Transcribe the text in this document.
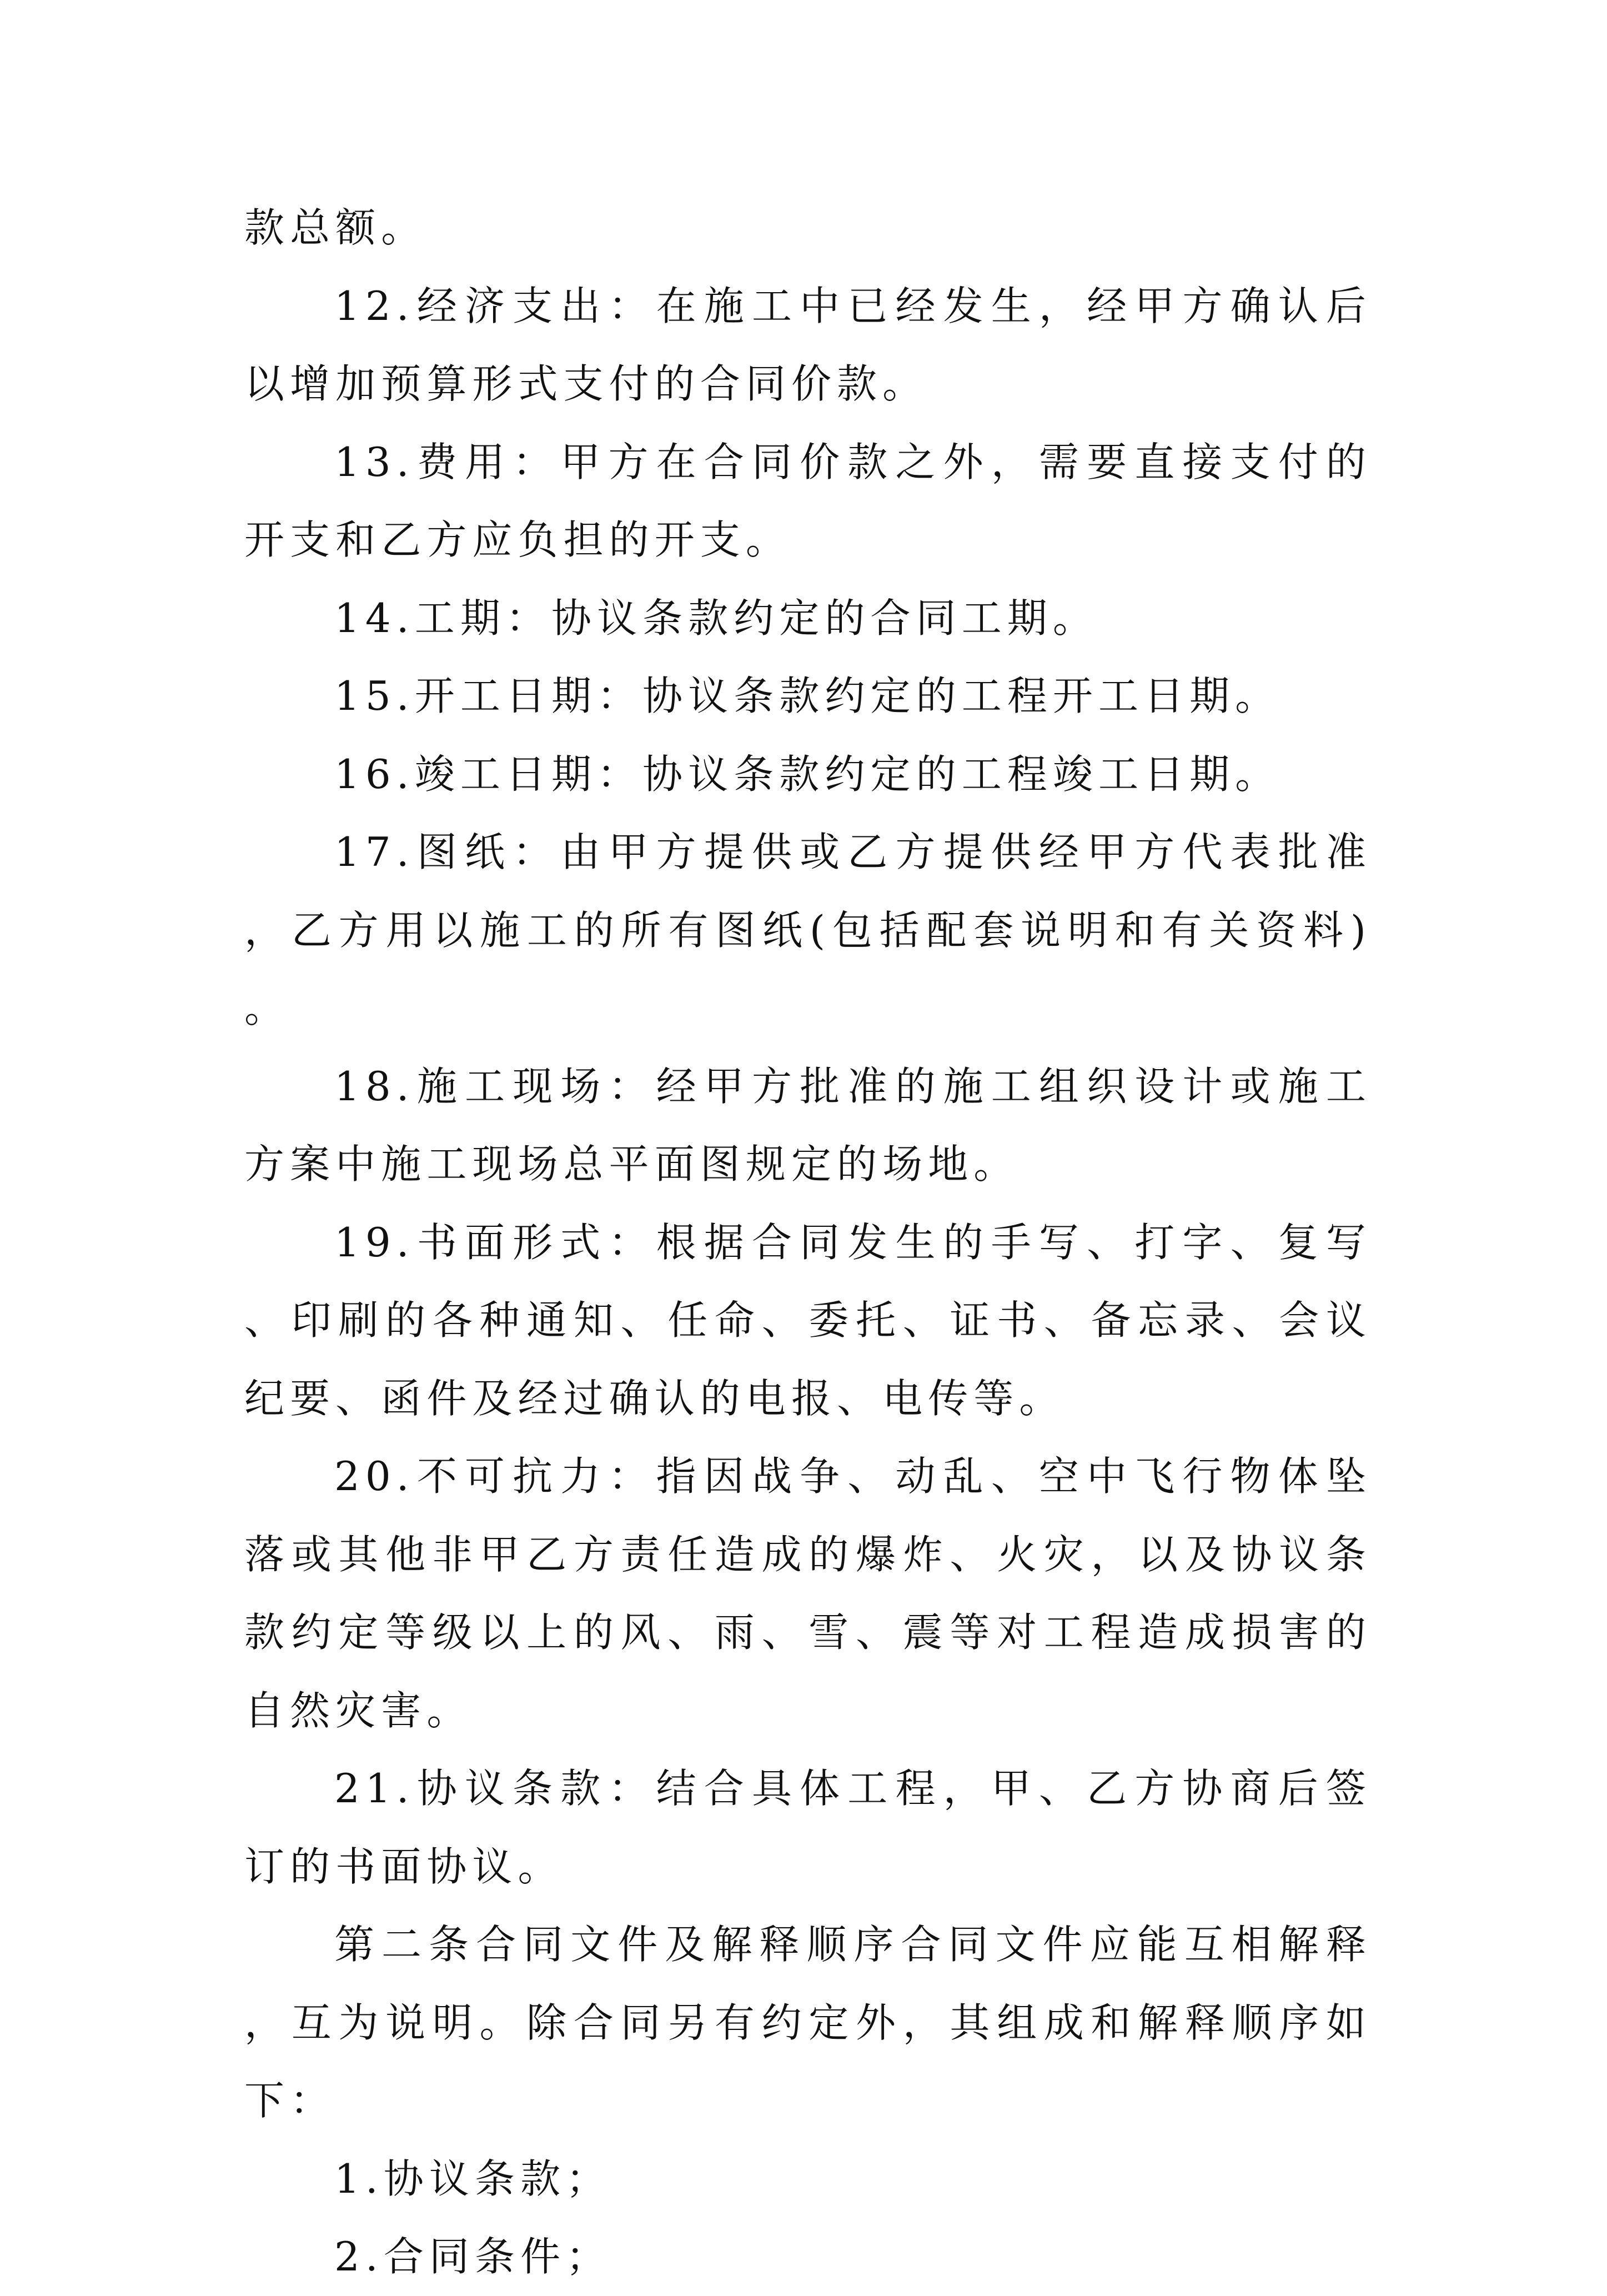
款总额。

12.经济支出：在施工中已经发生，经甲方确认后以增加预算形式支付的合同价款。

13.费用：甲方在合同价款之外，需要直接支付的开支和乙方应负担的开支。

14.工期：协议条款约定的合同工期。

15.开工日期：协议条款约定的工程开工日期。

16.竣工日期：协议条款约定的工程竣工日期。

17.图纸：由甲方提供或乙方提供经甲方代表批准，乙方用以施工的所有图纸(包括配套说明和有关资料)。

18.施工现场：经甲方批准的施工组织设计或施工方案中施工现场总平面图规定的场地。

19.书面形式：根据合同发生的手写、打字、复写、印刷的各种通知、任命、委托、证书、备忘录、会议纪要、函件及经过确认的电报、电传等。

20.不可抗力：指因战争、动乱、空中飞行物体坠落或其他非甲乙方责任造成的爆炸、火灾，以及协议条款约定等级以上的风、雨、雪、震等对工程造成损害的自然灾害。

21.协议条款：结合具体工程，甲、乙方协商后签订的书面协议。

第二条合同文件及解释顺序合同文件应能互相解释，互为说明。除合同另有约定外，其组成和解释顺序如下：

1.协议条款；

2.合同条件；
